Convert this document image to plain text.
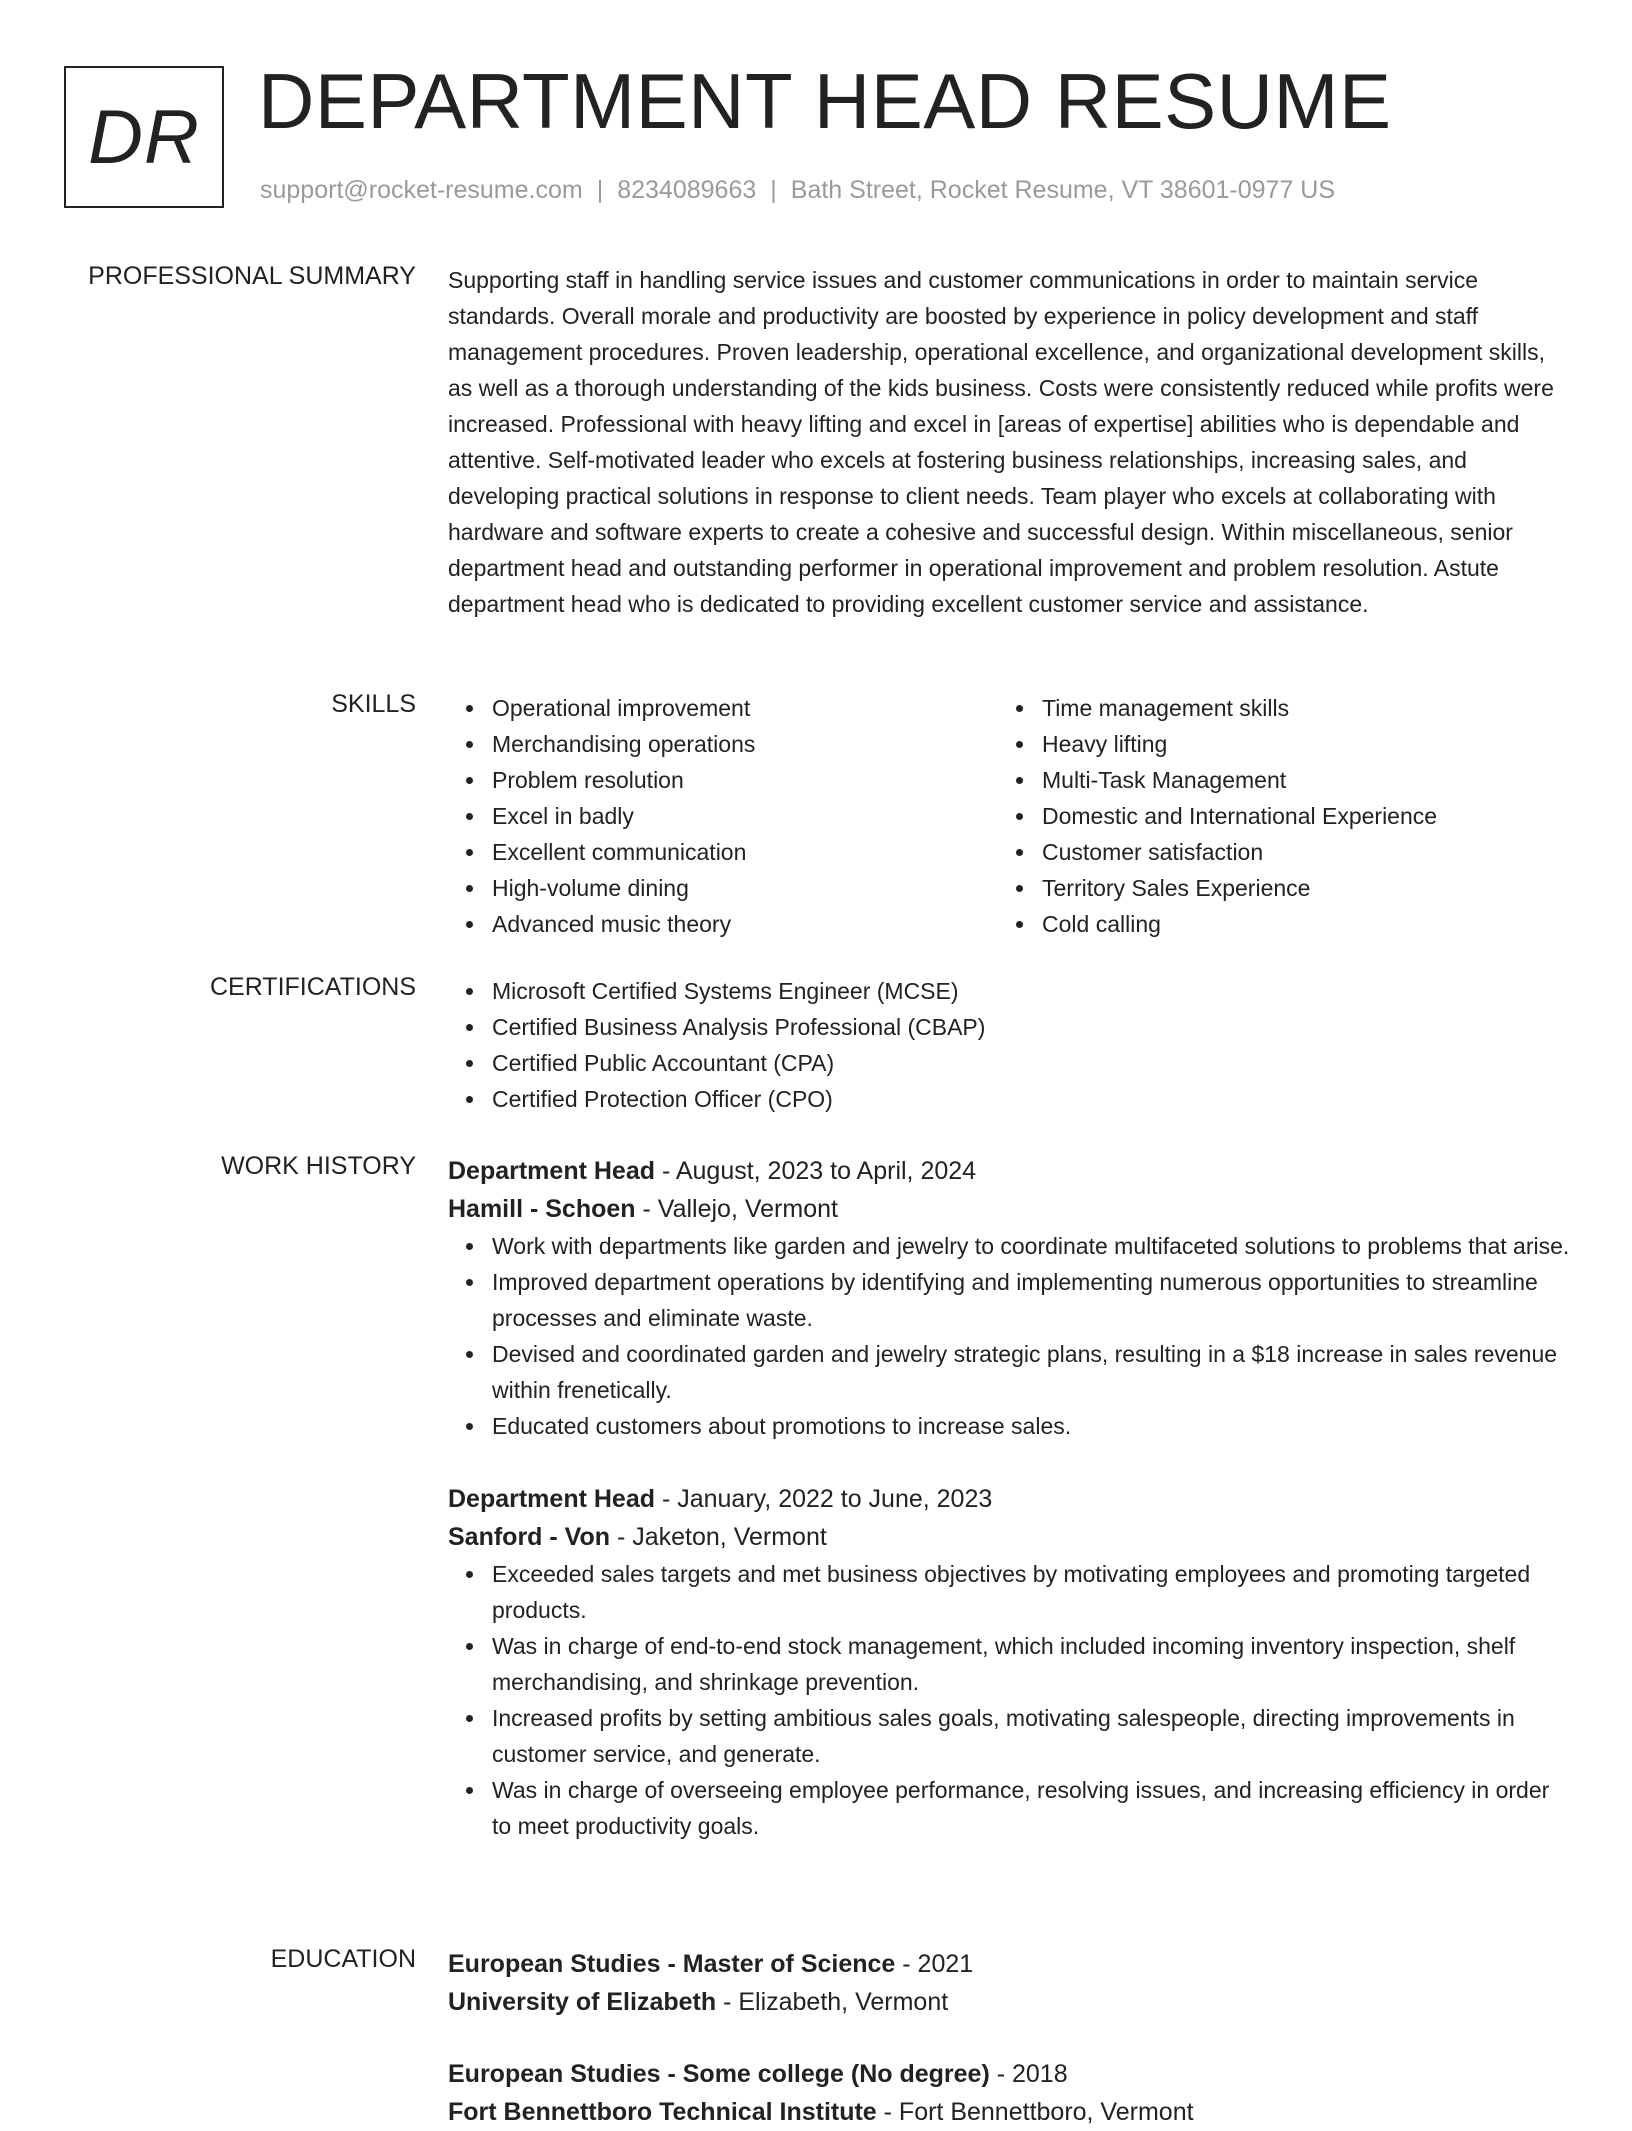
DR DEPARTMENT HEAD RESUME
support@rocket-resume.com | 8234089663 | Bath Street, Rocket Resume, VT 38601-0977 US
PROFESSIONAL SUMMARY Supporting staff in handling service issues and customer communications in order to maintain service standards. Overall morale and productivity are boosted by experience in policy development and staff management procedures. Proven leadership, operational excellence, and organizational development skills, as well as a thorough understanding of the kids business. Costs were consistently reduced while profits were increased. Professional with heavy lifting and excel in [areas of expertise] abilities who is dependable and attentive. Self-motivated leader who excels at fostering business relationships, increasing sales, and developing practical solutions in response to client needs. Team player who excels at collaborating with hardware and software experts to create a cohesive and successful design. Within miscellaneous, senior department head and outstanding performer in operational improvement and problem resolution. Astute department head who is dedicated to providing excellent customer service and assistance.

SKILLS	Operational improvement
Merchandising operations
Problem resolution
Excel in badly
Excellent communication
High-volume dining
Advanced music theory
Time management skills
Heavy lifting
Multi-Task Management
Domestic and International Experience
Customer satisfaction
Territory Sales Experience
Cold calling
CERTIFICATIONS	Microsoft Certified Systems Engineer (MCSE)
Certified Business Analysis Professional (CBAP)
Certified Public Accountant (CPA)
Certified Protection Officer (CPO)
WORK HISTORY Department Head - August, 2023 to April, 2024
Hamill - Schoen - Vallejo, Vermont
Work with departments like garden and jewelry to coordinate multifaceted solutions to problems that arise.
Improved department operations by identifying and implementing numerous opportunities to streamline processes and eliminate waste.
Devised and coordinated garden and jewelry strategic plans, resulting in a $18 increase in sales revenue within frenetically.
Educated customers about promotions to increase sales.
Department Head - January, 2022 to June, 2023
Sanford - Von - Jaketon, Vermont
Exceeded sales targets and met business objectives by motivating employees and promoting targeted products.
Was in charge of end-to-end stock management, which included incoming inventory inspection, shelf merchandising, and shrinkage prevention.
Increased profits by setting ambitious sales goals, motivating salespeople, directing improvements in customer service, and generate.
Was in charge of overseeing employee performance, resolving issues, and increasing efficiency in order to meet productivity goals.
EDUCATION European Studies - Master of Science - 2021
University of Elizabeth - Elizabeth, Vermont
European Studies - Some college (No degree) - 2018
Fort Bennettboro Technical Institute - Fort Bennettboro, Vermont
